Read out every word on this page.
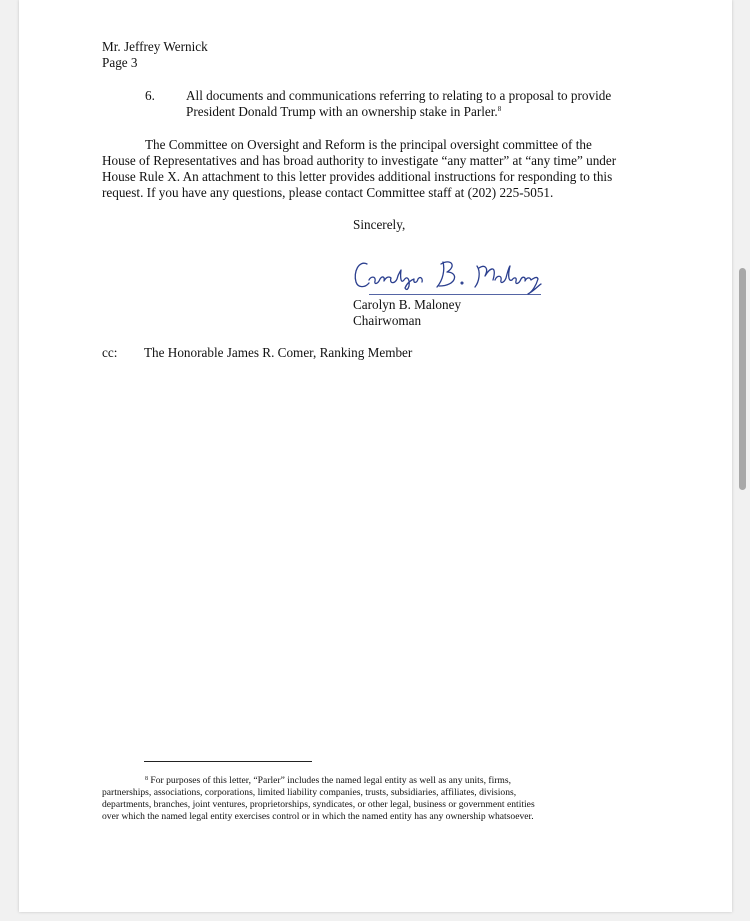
Mr. Jeffrey Wernick
Page 3
6. All documents and communications referring to relating to a proposal to provide
President Donald Trump with an ownership stake in Parler.$^8$
The Committee on Oversight and Reform is the principal oversight committee of the
House of Representatives and has broad authority to investigate “any matter” at “any time” under
House Rule X. An attachment to this letter provides additional instructions for responding to this
request. If you have any questions, please contact Committee staff at (202) 225-5051.
Sincerely,
Carolyn B. Maloney
Chairwoman
cc: The Honorable James R. Comer, Ranking Member
$^8$ For purposes of this letter, “Parler” includes the named legal entity as well as any units, firms,
partnerships, associations, corporations, limited liability companies, trusts, subsidiaries, affiliates, divisions,
departments, branches, joint ventures, proprietorships, syndicates, or other legal, business or government entities
over which the named legal entity exercises control or in which the named entity has any ownership whatsoever.
